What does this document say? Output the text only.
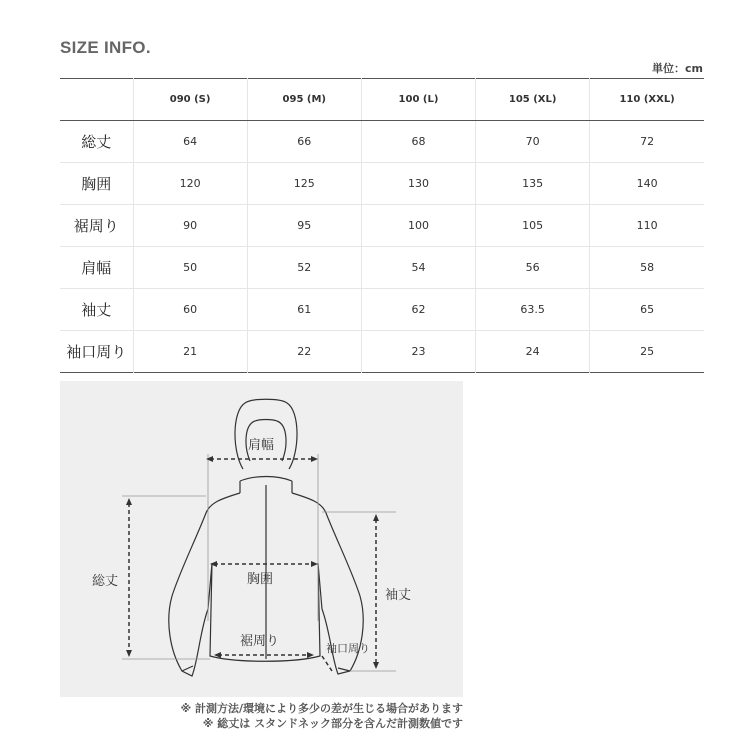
SIZE INFO.
単位：cm
	090 (S)	095 (M)	100 (L)	105 (XL)	110 (XXL)
総丈	64	66	68	70	72
胸囲	120	125	130	135	140
裾周り	90	95	100	105	110
肩幅	50	52	54	56	58
袖丈	60	61	62	63.5	65
袖口周り	21	22	23	24	25
肩幅
総丈	胸囲
袖丈
裾周り	袖口周り
※ 計測方法/環境により多少の差が生じる場合があります
※ 総丈は スタンドネック部分を含んだ計測数値です
